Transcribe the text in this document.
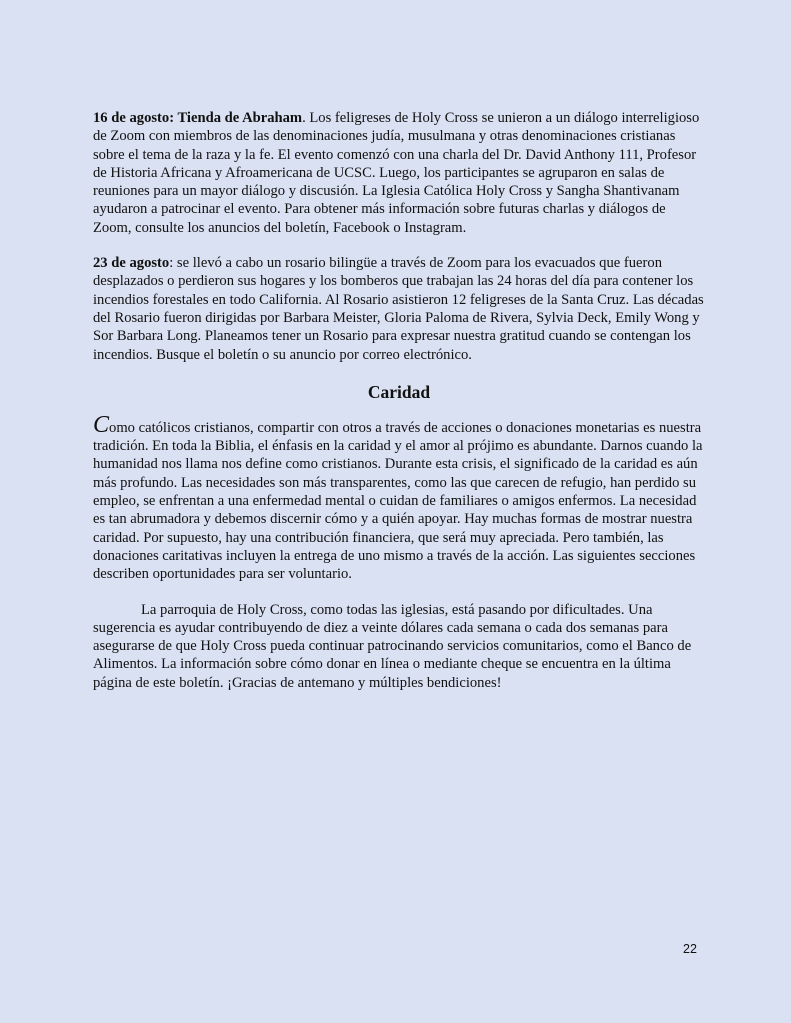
16 de agosto: Tienda de Abraham. Los feligreses de Holy Cross se unieron a un diálogo interreligioso de Zoom con miembros de las denominaciones judía, musulmana y otras denominaciones cristianas sobre el tema de la raza y la fe. El evento comenzó con una charla del Dr. David Anthony 111, Profesor de Historia Africana y Afroamericana de UCSC. Luego, los participantes se agruparon en salas de reuniones para un mayor diálogo y discusión. La Iglesia Católica Holy Cross y Sangha Shantivanam ayudaron a patrocinar el evento. Para obtener más información sobre futuras charlas y diálogos de Zoom, consulte los anuncios del boletín, Facebook o Instagram.

23 de agosto: se llevó a cabo un rosario bilingüe a través de Zoom para los evacuados que fueron desplazados o perdieron sus hogares y los bomberos que trabajan las 24 horas del día para contener los incendios forestales en todo California. Al Rosario asistieron 12 feligreses de la Santa Cruz. Las décadas del Rosario fueron dirigidas por Barbara Meister, Gloria Paloma de Rivera, Sylvia Deck, Emily Wong y Sor Barbara Long. Planeamos tener un Rosario para expresar nuestra gratitud cuando se contengan los incendios. Busque el boletín o su anuncio por correo electrónico.

Caridad

Como católicos cristianos, compartir con otros a través de acciones o donaciones monetarias es nuestra tradición. En toda la Biblia, el énfasis en la caridad y el amor al prójimo es abundante. Darnos cuando la humanidad nos llama nos define como cristianos. Durante esta crisis, el significado de la caridad es aún más profundo. Las necesidades son más transparentes, como las que carecen de refugio, han perdido su empleo, se enfrentan a una enfermedad mental o cuidan de familiares o amigos enfermos. La necesidad es tan abrumadora y debemos discernir cómo y a quién apoyar. Hay muchas formas de mostrar nuestra caridad. Por supuesto, hay una contribución financiera, que será muy apreciada. Pero también, las donaciones caritativas incluyen la entrega de uno mismo a través de la acción. Las siguientes secciones describen oportunidades para ser voluntario.

La parroquia de Holy Cross, como todas las iglesias, está pasando por dificultades. Una sugerencia es ayudar contribuyendo de diez a veinte dólares cada semana o cada dos semanas para asegurarse de que Holy Cross pueda continuar patrocinando servicios comunitarios, como el Banco de Alimentos. La información sobre cómo donar en línea o mediante cheque se encuentra en la última página de este boletín. ¡Gracias de antemano y múltiples bendiciones!

22
